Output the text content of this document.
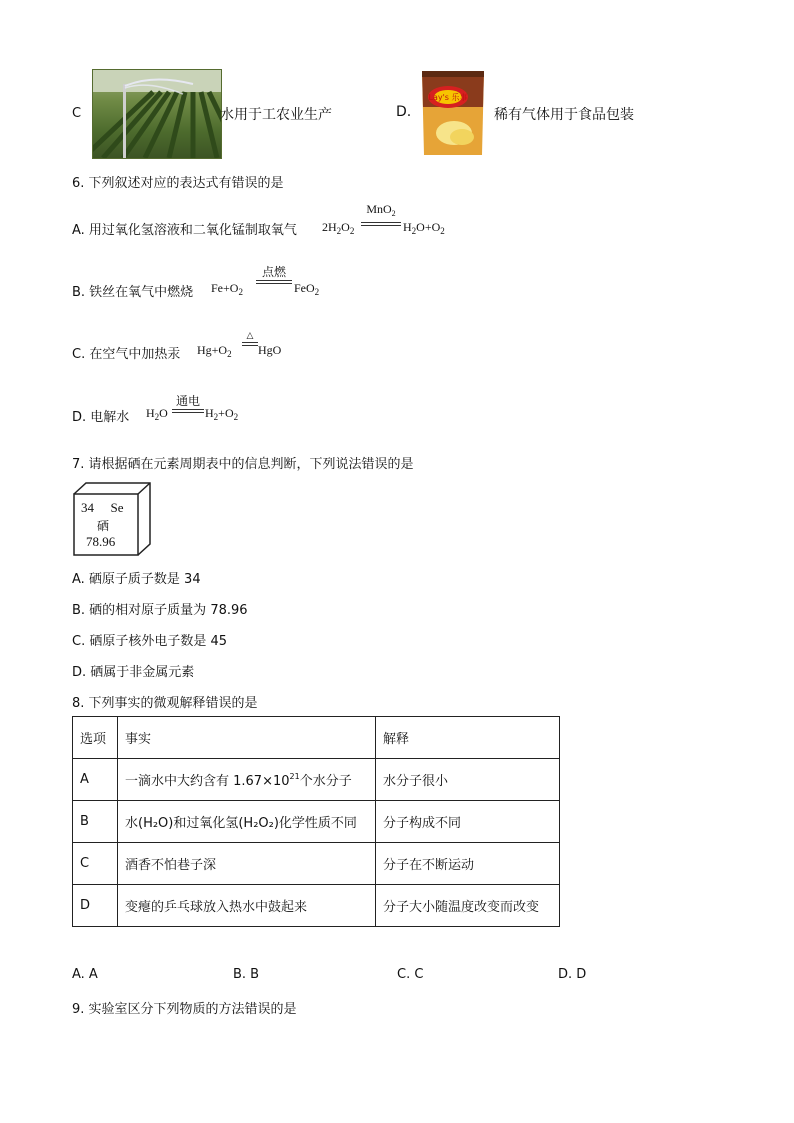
C	水用于工农业生产	D.
Lay's 乐事
稀有气体用于食品包装
6. 下列叙述对应的表达式有错误的是
A. 用过氧化氢溶液和二氧化锰制取氧气 $2H_2O_2$
MnO$_2$
$H_2O+O_2$
B. 铁丝在氧气中燃烧 $Fe+O_2$
点燃
FeO$_2$
C. 在空气中加热汞 $Hg+O_2$
△
HgO
D. 电解水 $H_2O$
通电
$H_2+O_2$
7. 请根据硒在元素周期表中的信息判断，下列说法错误的是
34 Se
硒
78.96
A. 硒原子质子数是 34
B. 硒的相对原子质量为 78.96
C. 硒原子核外电子数是 45
D. 硒属于非金属元素
8. 下列事实的微观解释错误的是
选项	事实	解释
A	一滴水中大约含有 $1.67\times 10^{21}$个水分子	水分子很小
B	水(H₂O)和过氧化氢(H₂O₂)化学性质不同	分子构成不同
C	酒香不怕巷子深	分子在不断运动
D	变瘪的乒乓球放入热水中鼓起来	分子大小随温度改变而改变
A. A	B. B	C. C	D. D
9. 实验室区分下列物质的方法错误的是
